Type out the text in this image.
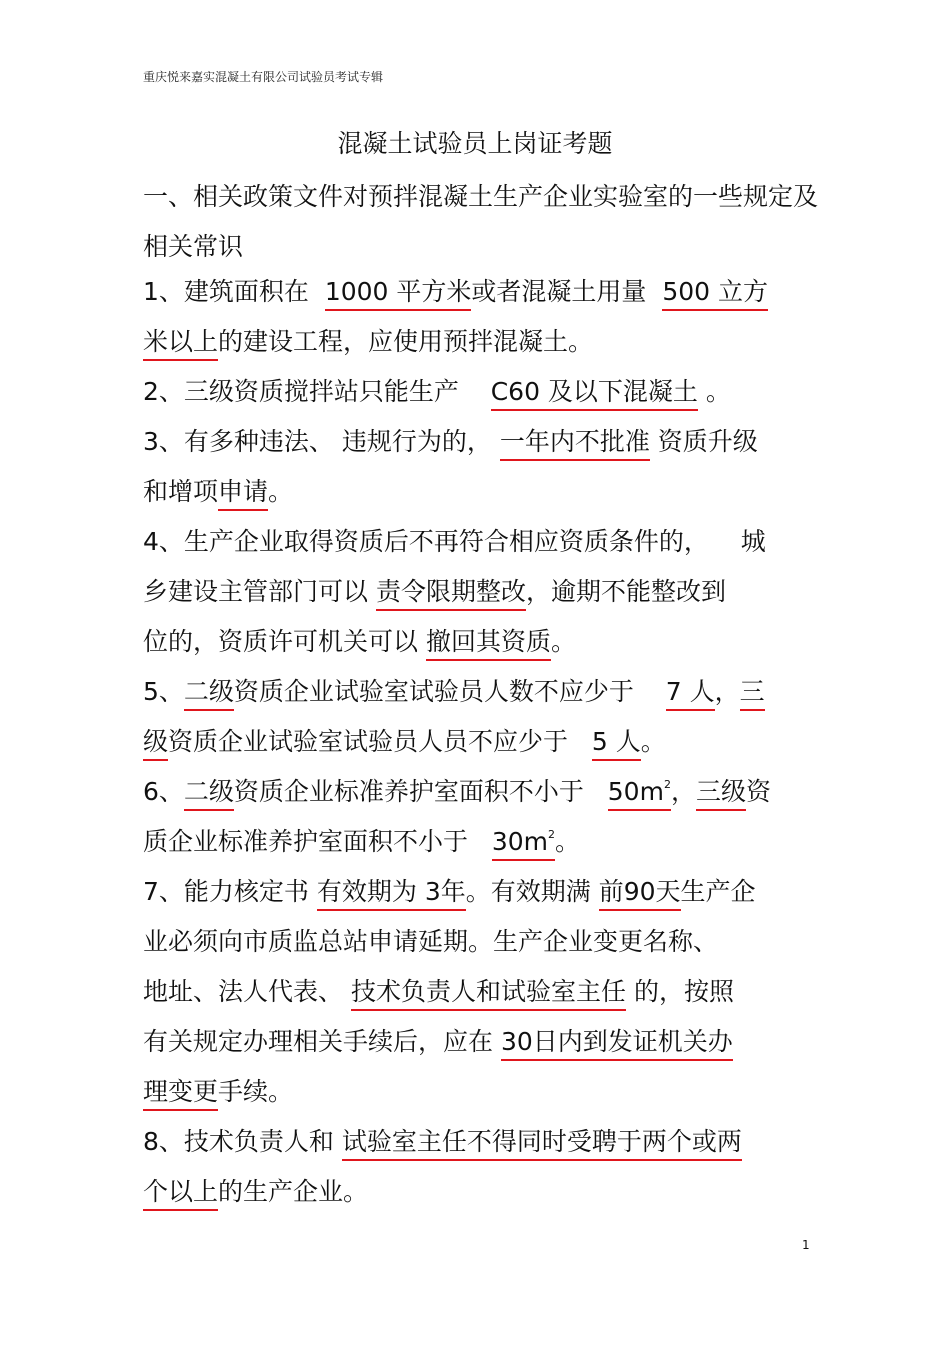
重庆悦来嘉实混凝土有限公司试验员考试专辑
混凝土试验员上岗证考题
一、相关政策文件对预拌混凝土生产企业实验室的一些规定及相关常识
1、建筑面积在 1000 平方米或者混凝土用量 500 立方
米以上的建设工程，应使用预拌混凝土。
2、三级资质搅拌站只能生产 C60 及以下混凝土 。
3、有多种违法、 违规行为的， 一年内不批准 资质升级
和增项申请。
4、生产企业取得资质后不再符合相应资质条件的， 城
乡建设主管部门可以 责令限期整改，逾期不能整改到
位的，资质许可机关可以 撤回其资质。
5、二级资质企业试验室试验员人数不应少于 7 人，三
级资质企业试验室试验员人员不应少于 5 人。
6、二级资质企业标准养护室面积不小于 $50m^2$，三级资
质企业标准养护室面积不小于 $30m^2$。
7、能力核定书 有效期为 3年。有效期满 前90天生产企
业必须向市质监总站申请延期。生产企业变更名称、
地址、法人代表、 技术负责人和试验室主任 的，按照
有关规定办理相关手续后，应在 30日内到发证机关办
理变更手续。
8、技术负责人和 试验室主任不得同时受聘于两个或两
个以上的生产企业。
1
